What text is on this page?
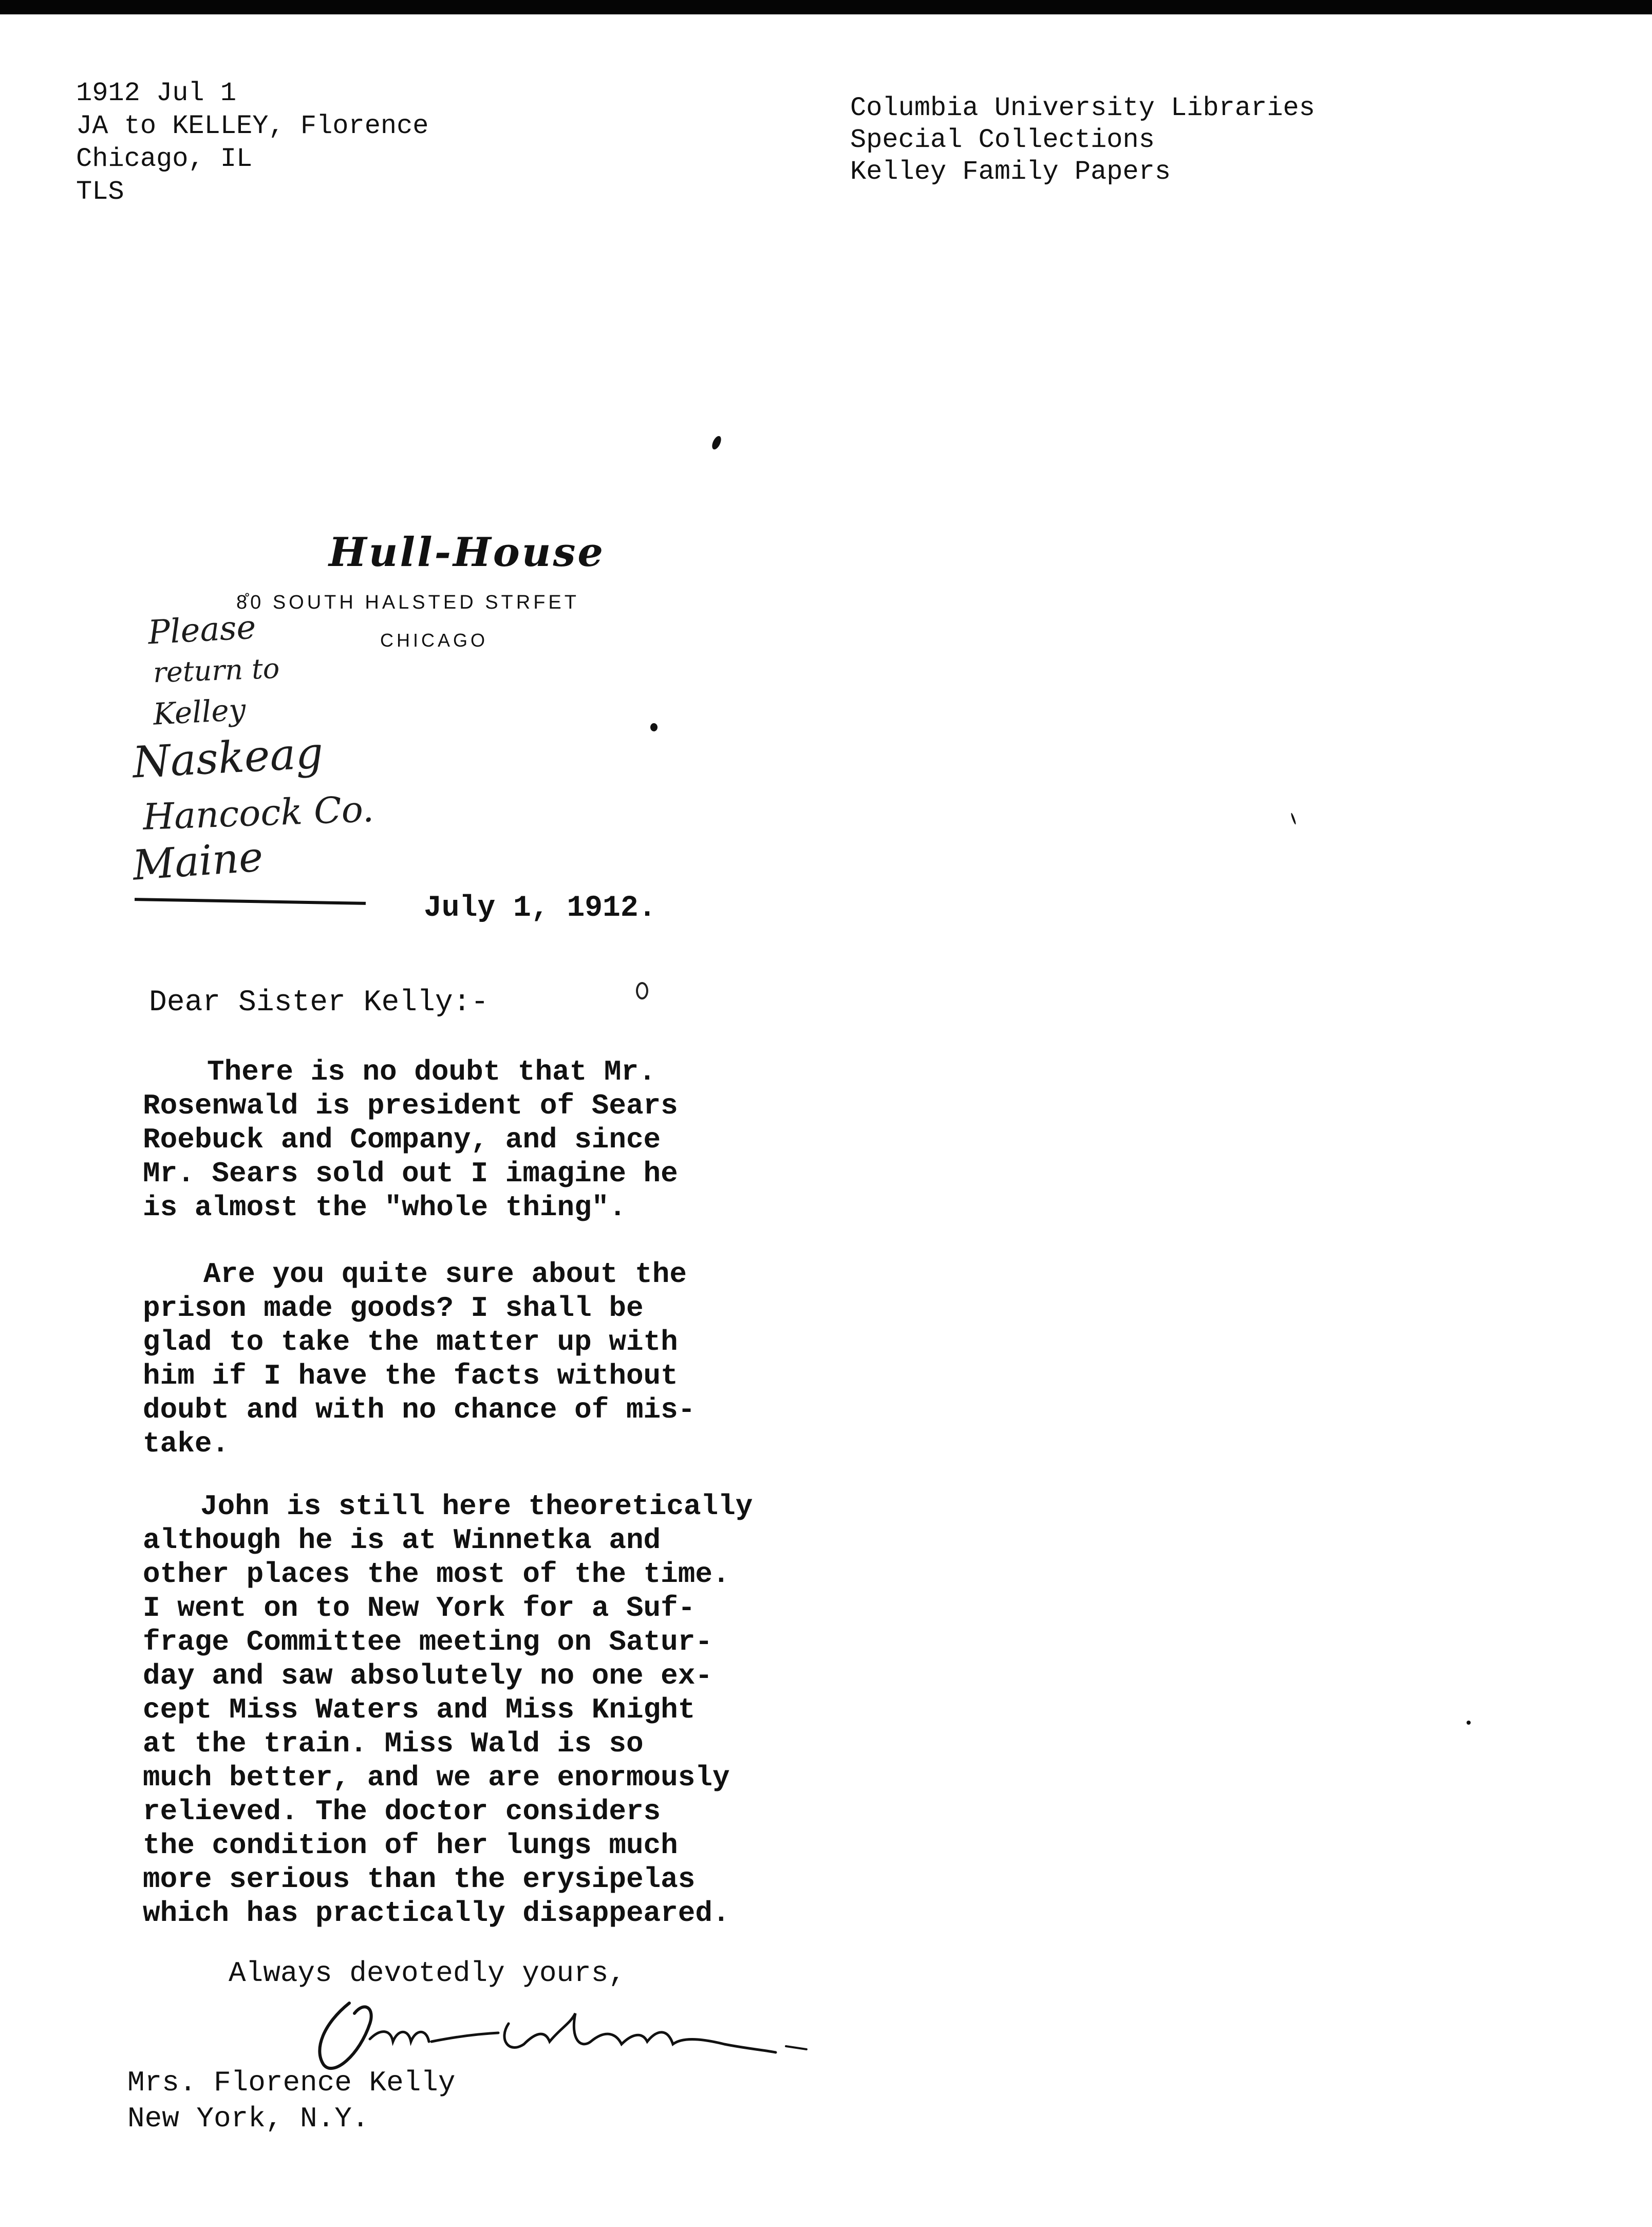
1912 Jul 1
JA to KELLEY, Florence
Chicago, IL
TLS
Columbia University Libraries
Special Collections
Kelley Family Papers
Hull-House
8̊0 SOUTH HALSTED STRFET
CHICAGO
Please
return to
Kelley
Naskeag
Hancock Co.
Maine
July 1, 1912.
Dear Sister Kelly:-
There is no doubt that Mr.
Rosenwald is president of Sears
Roebuck and Company, and since
Mr. Sears sold out I imagine he
is almost the "whole thing".
Are you quite sure about the
prison made goods? I shall be
glad to take the matter up with
him if I have the facts without
doubt and with no chance of mis-
take.
John is still here theoretically
although he is at Winnetka and
other places the most of the time.
I went on to New York for a Suf-
frage Committee meeting on Satur-
day and saw absolutely no one ex-
cept Miss Waters and Miss Knight
at the train. Miss Wald is so
much better, and we are enormously
relieved. The doctor considers
the condition of her lungs much
more serious than the erysipelas
which has practically disappeared.
Always devotedly yours,
Mrs. Florence Kelly
New York, N.Y.
